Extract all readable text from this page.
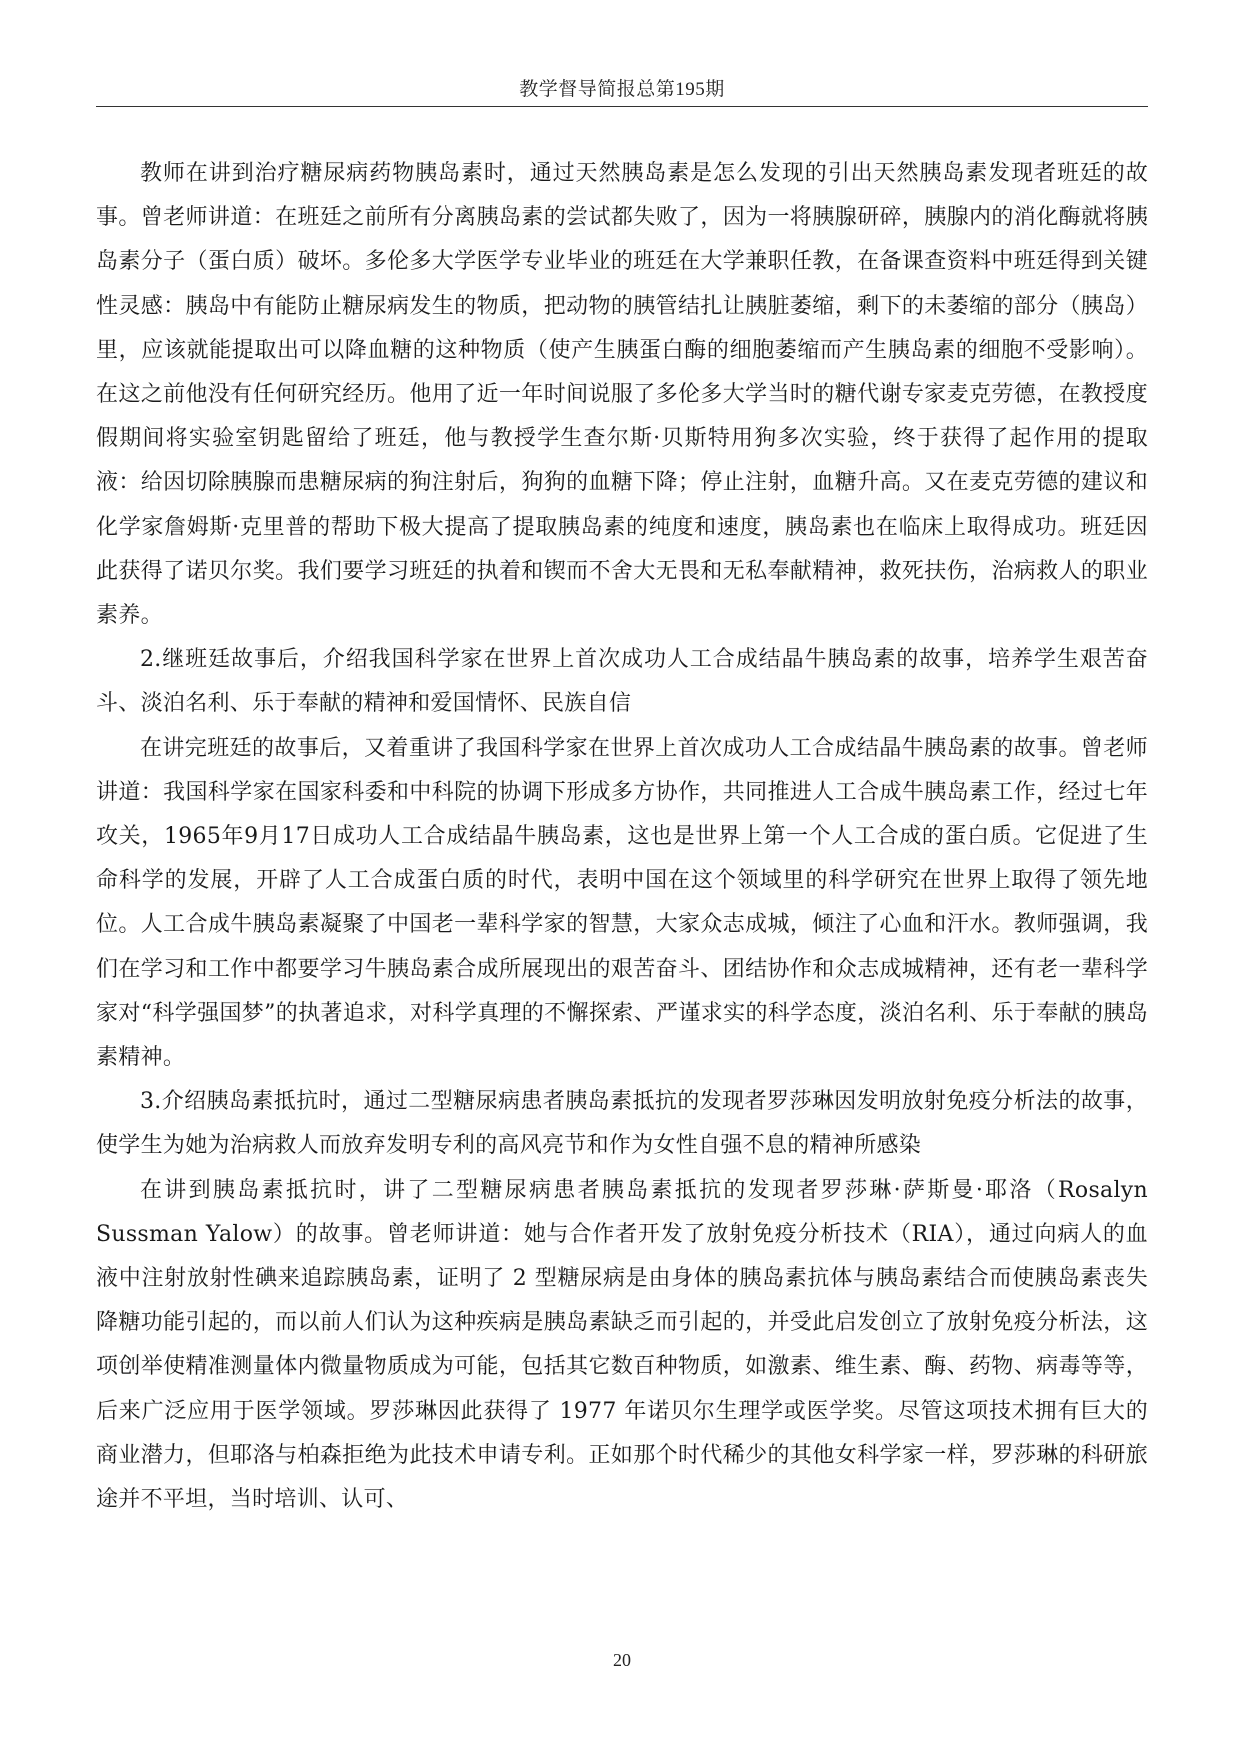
教学督导简报总第195期

教师在讲到治疗糖尿病药物胰岛素时，通过天然胰岛素是怎么发现的引出天然胰岛素发现者班廷的故事。曾老师讲道：在班廷之前所有分离胰岛素的尝试都失败了，因为一将胰腺研碎，胰腺内的消化酶就将胰岛素分子（蛋白质）破坏。多伦多大学医学专业毕业的班廷在大学兼职任教，在备课查资料中班廷得到关键性灵感：胰岛中有能防止糖尿病发生的物质，把动物的胰管结扎让胰脏萎缩，剩下的未萎缩的部分（胰岛）里，应该就能提取出可以降血糖的这种物质（使产生胰蛋白酶的细胞萎缩而产生胰岛素的细胞不受影响）。在这之前他没有任何研究经历。他用了近一年时间说服了多伦多大学当时的糖代谢专家麦克劳德，在教授度假期间将实验室钥匙留给了班廷，他与教授学生查尔斯·贝斯特用狗多次实验，终于获得了起作用的提取液：给因切除胰腺而患糖尿病的狗注射后，狗狗的血糖下降；停止注射，血糖升高。又在麦克劳德的建议和化学家詹姆斯·克里普的帮助下极大提高了提取胰岛素的纯度和速度，胰岛素也在临床上取得成功。班廷因此获得了诺贝尔奖。我们要学习班廷的执着和锲而不舍大无畏和无私奉献精神，救死扶伤，治病救人的职业素养。

2.继班廷故事后，介绍我国科学家在世界上首次成功人工合成结晶牛胰岛素的故事，培养学生艰苦奋斗、淡泊名利、乐于奉献的精神和爱国情怀、民族自信

在讲完班廷的故事后，又着重讲了我国科学家在世界上首次成功人工合成结晶牛胰岛素的故事。曾老师讲道：我国科学家在国家科委和中科院的协调下形成多方协作，共同推进人工合成牛胰岛素工作，经过七年攻关，1965年9月17日成功人工合成结晶牛胰岛素，这也是世界上第一个人工合成的蛋白质。它促进了生命科学的发展，开辟了人工合成蛋白质的时代，表明中国在这个领域里的科学研究在世界上取得了领先地位。人工合成牛胰岛素凝聚了中国老一辈科学家的智慧，大家众志成城，倾注了心血和汗水。教师强调，我们在学习和工作中都要学习牛胰岛素合成所展现出的艰苦奋斗、团结协作和众志成城精神，还有老一辈科学家对“科学强国梦”的执著追求，对科学真理的不懈探索、严谨求实的科学态度，淡泊名利、乐于奉献的胰岛素精神。

3.介绍胰岛素抵抗时，通过二型糖尿病患者胰岛素抵抗的发现者罗莎琳因发明放射免疫分析法的故事，使学生为她为治病救人而放弃发明专利的高风亮节和作为女性自强不息的精神所感染

在讲到胰岛素抵抗时，讲了二型糖尿病患者胰岛素抵抗的发现者罗莎琳·萨斯曼·耶洛（Rosalyn Sussman Yalow）的故事。曾老师讲道：她与合作者开发了放射免疫分析技术（RIA），通过向病人的血液中注射放射性碘来追踪胰岛素，证明了 2 型糖尿病是由身体的胰岛素抗体与胰岛素结合而使胰岛素丧失降糖功能引起的，而以前人们认为这种疾病是胰岛素缺乏而引起的，并受此启发创立了放射免疫分析法，这项创举使精准测量体内微量物质成为可能，包括其它数百种物质，如激素、维生素、酶、药物、病毒等等，后来广泛应用于医学领域。罗莎琳因此获得了 1977 年诺贝尔生理学或医学奖。尽管这项技术拥有巨大的商业潜力，但耶洛与柏森拒绝为此技术申请专利。正如那个时代稀少的其他女科学家一样，罗莎琳的科研旅途并不平坦，当时培训、认可、

20
